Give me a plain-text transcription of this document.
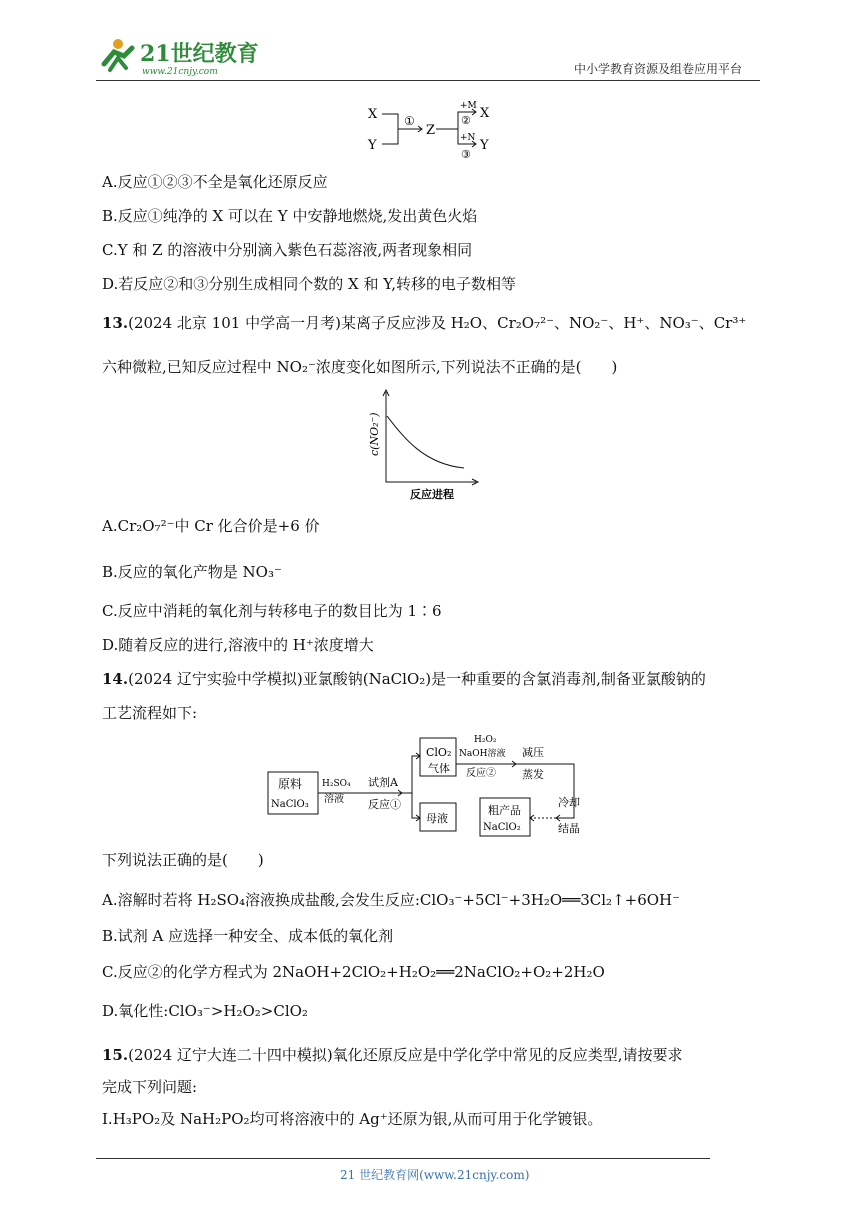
21世纪教育
www.21cnjy.com	中小学教育资源及组卷应用平台
X
Y
①
Z
+M
②
+N
③
X
Y
A.反应①②③不全是氧化还原反应
B.反应①纯净的 X 可以在 Y 中安静地燃烧,发出黄色火焰
C.Y 和 Z 的溶液中分别滴入紫色石蕊溶液,两者现象相同
D.若反应②和③分别生成相同个数的 X 和 Y,转移的电子数相等
13.(2024 北京 101 中学高一月考)某离子反应涉及 H₂O、Cr₂O₇²⁻、NO₂⁻、H⁺、NO₃⁻、Cr³⁺
六种微粒,已知反应过程中 NO₂⁻浓度变化如图所示,下列说法不正确的是(　　)
c(NO₂⁻)
反应进程
A.Cr₂O₇²⁻中 Cr 化合价是+6 价
B.反应的氧化产物是 NO₃⁻
C.反应中消耗的氧化剂与转移电子的数目比为 1∶6
D.随着反应的进行,溶液中的 H⁺浓度增大
14.(2024 辽宁实验中学模拟)亚氯酸钠(NaClO₂)是一种重要的含氯消毒剂,制备亚氯酸钠的
工艺流程如下:
原料
NaClO₃
H₂SO₄
溶液
试剂A
反应①
ClO₂
气体
母液
H₂O₂
NaOH溶液
反应②
减压
蒸发
粗产品
NaClO₂
冷却
结晶
下列说法正确的是(　　)
A.溶解时若将 H₂SO₄溶液换成盐酸,会发生反应:ClO₃⁻+5Cl⁻+3H₂O══3Cl₂↑+6OH⁻
B.试剂 A 应选择一种安全、成本低的氧化剂
C.反应②的化学方程式为 2NaOH+2ClO₂+H₂O₂══2NaClO₂+O₂+2H₂O
D.氧化性:ClO₃⁻>H₂O₂>ClO₂
15.(2024 辽宁大连二十四中模拟)氧化还原反应是中学化学中常见的反应类型,请按要求
完成下列问题:
Ⅰ.H₃PO₂及 NaH₂PO₂均可将溶液中的 Ag⁺还原为银,从而可用于化学镀银。
21 世纪教育网(www.21cnjy.com)
